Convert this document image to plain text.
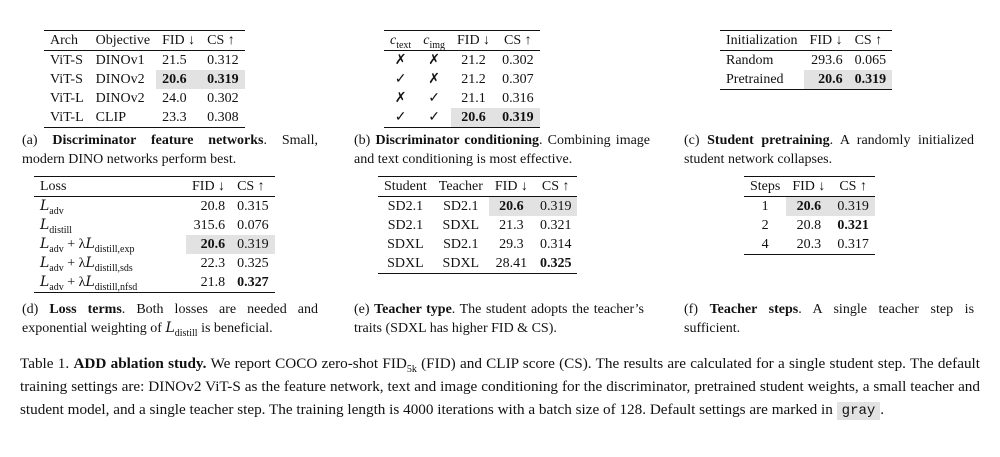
Arch	Objective	FID ↓	CS ↑
ViT-S	DINOv1	21.5	0.312
ViT-S	DINOv2	20.6	0.319
ViT-L	DINOv2	24.0	0.302
ViT-L	CLIP	23.3	0.308
(a) Discriminator feature networks. Small, modern DINO networks perform best.
$c_{text}$	$c_{img}$	FID ↓	CS ↑
✗	✗	21.2	0.302
✓	✗	21.2	0.307
✗	✓	21.1	0.316
✓	✓	20.6	0.319
(b) Discriminator conditioning. Combining image and text conditioning is most effective.
Initialization	FID ↓	CS ↑
Random	293.6	0.065
Pretrained	20.6	0.319
(c) Student pretraining. A randomly initialized student network collapses.
Loss	FID ↓	CS ↑
$L_{adv}$	20.8	0.315
$L_{distill}$	315.6	0.076
$L_{adv} + \lambda L_{distill,exp}$	20.6	0.319
$L_{adv} + \lambda L_{distill,sds}$	22.3	0.325
$L_{adv} + \lambda L_{distill,nfsd}$	21.8	0.327
(d) Loss terms. Both losses are needed and exponential weighting of $L_{distill}$ is beneficial.
Student	Teacher	FID ↓	CS ↑
SD2.1	SD2.1	20.6	0.319
SD2.1	SDXL	21.3	0.321
SDXL	SD2.1	29.3	0.314
SDXL	SDXL	28.41	0.325
(e) Teacher type. The student adopts the teacher’s traits (SDXL has higher FID & CS).
Steps	FID ↓	CS ↑
1	20.6	0.319
2	20.8	0.321
4	20.3	0.317
(f) Teacher steps. A single teacher step is sufficient.
Table 1. ADD ablation study. We report COCO zero-shot $FID_{5k}$ (FID) and CLIP score (CS). The results are calculated for a single student step. The default training settings are: DINOv2 ViT-S as the feature network, text and image conditioning for the discriminator, pretrained student weights, a small teacher and student model, and a single teacher step. The training length is 4000 iterations with a batch size of 128. Default settings are marked in gray .
